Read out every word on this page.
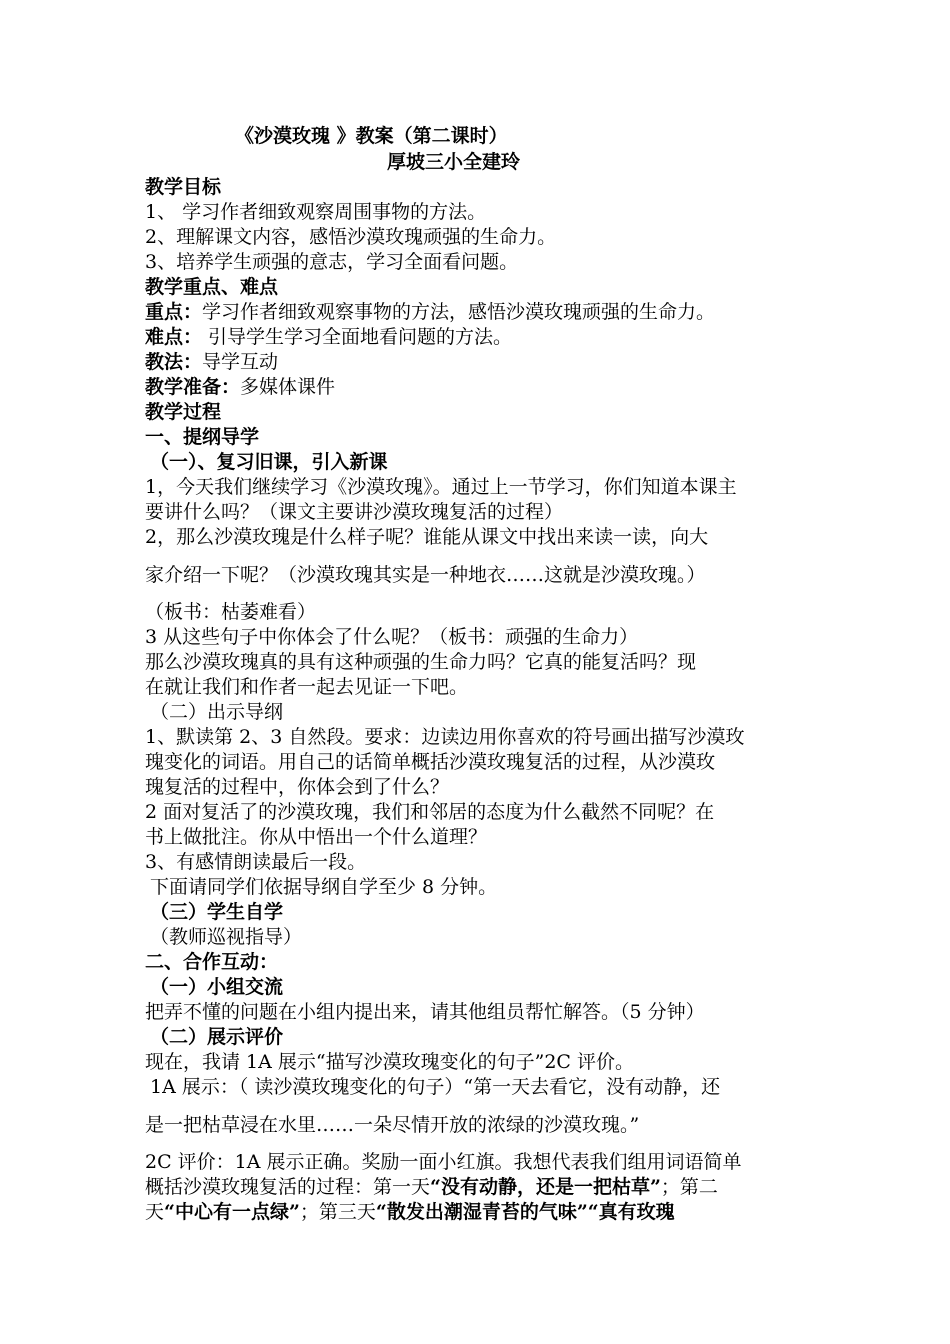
《沙漠玫瑰 》教案（第二课时）
厚坡三小全建玲
教学目标
1、 学习作者细致观察周围事物的方法。
2、理解课文内容，感悟沙漠玫瑰顽强的生命力。
3、培养学生顽强的意志，学习全面看问题。
教学重点、难点
重点：学习作者细致观察事物的方法，感悟沙漠玫瑰顽强的生命力。
难点： 引导学生学习全面地看问题的方法。
教法：导学互动
教学准备：多媒体课件
教学过程
一、提纲导学
（一）、复习旧课，引入新课
1，今天我们继续学习《沙漠玫瑰》。通过上一节学习，你们知道本课主
要讲什么吗？（课文主要讲沙漠玫瑰复活的过程）
2，那么沙漠玫瑰是什么样子呢？谁能从课文中找出来读一读，向大
家介绍一下呢？（沙漠玫瑰其实是一种地衣……这就是沙漠玫瑰。）
（板书：枯萎难看）
3 从这些句子中你体会了什么呢？（板书：顽强的生命力）
那么沙漠玫瑰真的具有这种顽强的生命力吗？它真的能复活吗？现
在就让我们和作者一起去见证一下吧。
（二）出示导纲
1、默读第 2、3 自然段。要求：边读边用你喜欢的符号画出描写沙漠玫
瑰变化的词语。用自己的话简单概括沙漠玫瑰复活的过程，从沙漠玫
瑰复活的过程中，你体会到了什么？
2 面对复活了的沙漠玫瑰，我们和邻居的态度为什么截然不同呢？在
书上做批注。你从中悟出一个什么道理？
3、有感情朗读最后一段。
下面请同学们依据导纲自学至少 8 分钟。
（三）学生自学
（教师巡视指导）
二、合作互动：
（一）小组交流
把弄不懂的问题在小组内提出来，请其他组员帮忙解答。（5 分钟）
（二）展示评价
现在，我请 1A 展示“描写沙漠玫瑰变化的句子”2C 评价。
1A 展示：（ 读沙漠玫瑰变化的句子）“第一天去看它，没有动静，还
是一把枯草浸在水里……一朵尽情开放的浓绿的沙漠玫瑰。”
2C 评价：1A 展示正确。奖励一面小红旗。我想代表我们组用词语简单
概括沙漠玫瑰复活的过程：第一天“没有动静，还是一把枯草”；第二
天“中心有一点绿”；第三天“散发出潮湿青苔的气味”“真有玫瑰
